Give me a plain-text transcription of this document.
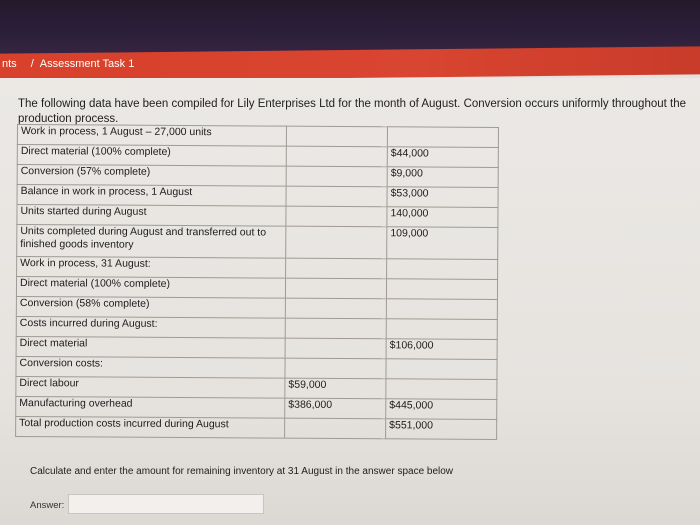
nts / Assessment Task 1
The following data have been compiled for Lily Enterprises Ltd for the month of August. Conversion occurs uniformly throughout the production process.
Work in process, 1 August – 27,000 units		
Direct material (100% complete)		$44,000
Conversion (57% complete)		$9,000
Balance in work in process, 1 August		$53,000
Units started during August		140,000
Units completed during August and transferred out to finished goods inventory		109,000
Work in process, 31 August:		
Direct material (100% complete)		
Conversion (58% complete)		
Costs incurred during August:		
Direct material		$106,000
Conversion costs:		
Direct labour	$59,000	
Manufacturing overhead	$386,000	$445,000
Total production costs incurred during August		$551,000
Calculate and enter the amount for remaining inventory at 31 August in the answer space below
Answer:
